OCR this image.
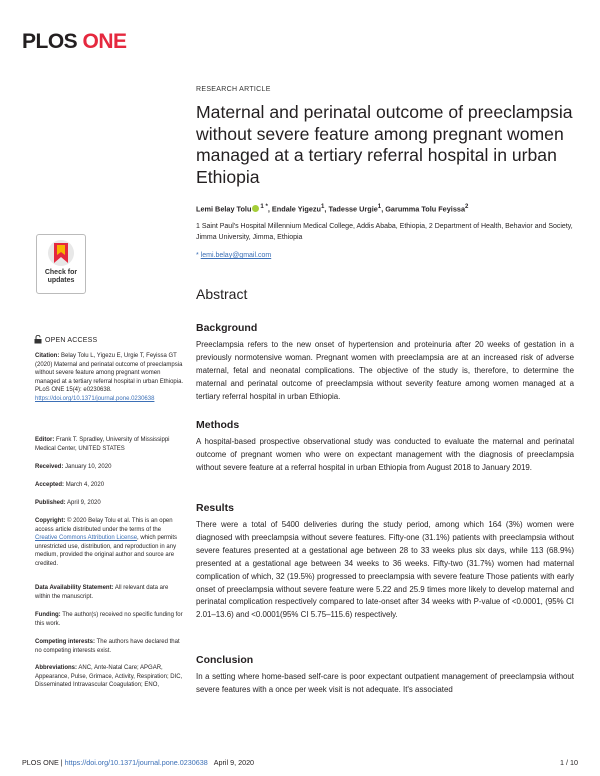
PLOS ONE
RESEARCH ARTICLE
Maternal and perinatal outcome of preeclampsia without severe feature among pregnant women managed at a tertiary referral hospital in urban Ethiopia
Lemi Belay Tolu $^{1 *}$, Endale Yigezu$^1$, Tadesse Urgie$^1$, Garumma Tolu Feyissa$^2$
1 Saint Paul's Hospital Millennium Medical College, Addis Ababa, Ethiopia, 2 Department of Health, Behavior and Society, Jimma University, Jimma, Ethiopia
* lemi.belay@gmail.com
Abstract
Background
Preeclampsia refers to the new onset of hypertension and proteinuria after 20 weeks of gestation in a previously normotensive woman. Pregnant women with preeclampsia are at an increased risk of adverse maternal, fetal and neonatal complications. The objective of the study is, therefore, to determine the maternal and perinatal outcome of preeclampsia without severity feature among women managed at a tertiary referral hospital in urban Ethiopia.
Methods
A hospital-based prospective observational study was conducted to evaluate the maternal and perinatal outcome of pregnant women who were on expectant management with the diagnosis of preeclampsia without severe feature at a referral hospital in urban Ethiopia from August 2018 to January 2019.
Results
There were a total of 5400 deliveries during the study period, among which 164 (3%) women were diagnosed with preeclampsia without severe features. Fifty-one (31.1%) patients with preeclampsia without severe features presented at a gestational age between 28 to 33 weeks plus six days, while 113 (68.9%) presented at a gestational age between 34 weeks to 36 weeks. Fifty-two (31.7%) women had maternal complication of which, 32 (19.5%) progressed to preeclampsia with severe feature Those patients with early onset of preeclampsia without severe feature were 5.22 and 25.9 times more likely to develop maternal and perinatal complication respectively compared to late-onset after 34 weeks with P-value of <0.0001, (95% CI 2.01–13.6) and <0.0001(95% CI 5.75–115.6) respectively.
Conclusion
In a setting where home-based self-care is poor expectant outpatient management of preeclampsia without severe features with a once per week visit is not adequate. It's associated
Check for
updates
OPEN ACCESS
Citation: Belay Tolu L, Yigezu E, Urgie T, Feyissa GT (2020) Maternal and perinatal outcome of preeclampsia without severe feature among pregnant women managed at a tertiary referral hospital in urban Ethiopia. PLoS ONE 15(4): e0230638. https://doi.org/10.1371/journal.pone.0230638
Editor: Frank T. Spradley, University of Mississippi Medical Center, UNITED STATES
Received: January 10, 2020
Accepted: March 4, 2020
Published: April 9, 2020
Copyright: © 2020 Belay Tolu et al. This is an open access article distributed under the terms of the Creative Commons Attribution License, which permits unrestricted use, distribution, and reproduction in any medium, provided the original author and source are credited.
Data Availability Statement: All relevant data are within the manuscript.
Funding: The author(s) received no specific funding for this work.
Competing interests: The authors have declared that no competing interests exist.
Abbreviations: ANC, Ante-Natal Care; APGAR, Appearance, Pulse, Grimace, Activity, Respiration; DIC, Disseminated Intravascular Coagulation; ENO,
PLOS ONE | https://doi.org/10.1371/journal.pone.0230638 April 9, 2020	1 / 10
